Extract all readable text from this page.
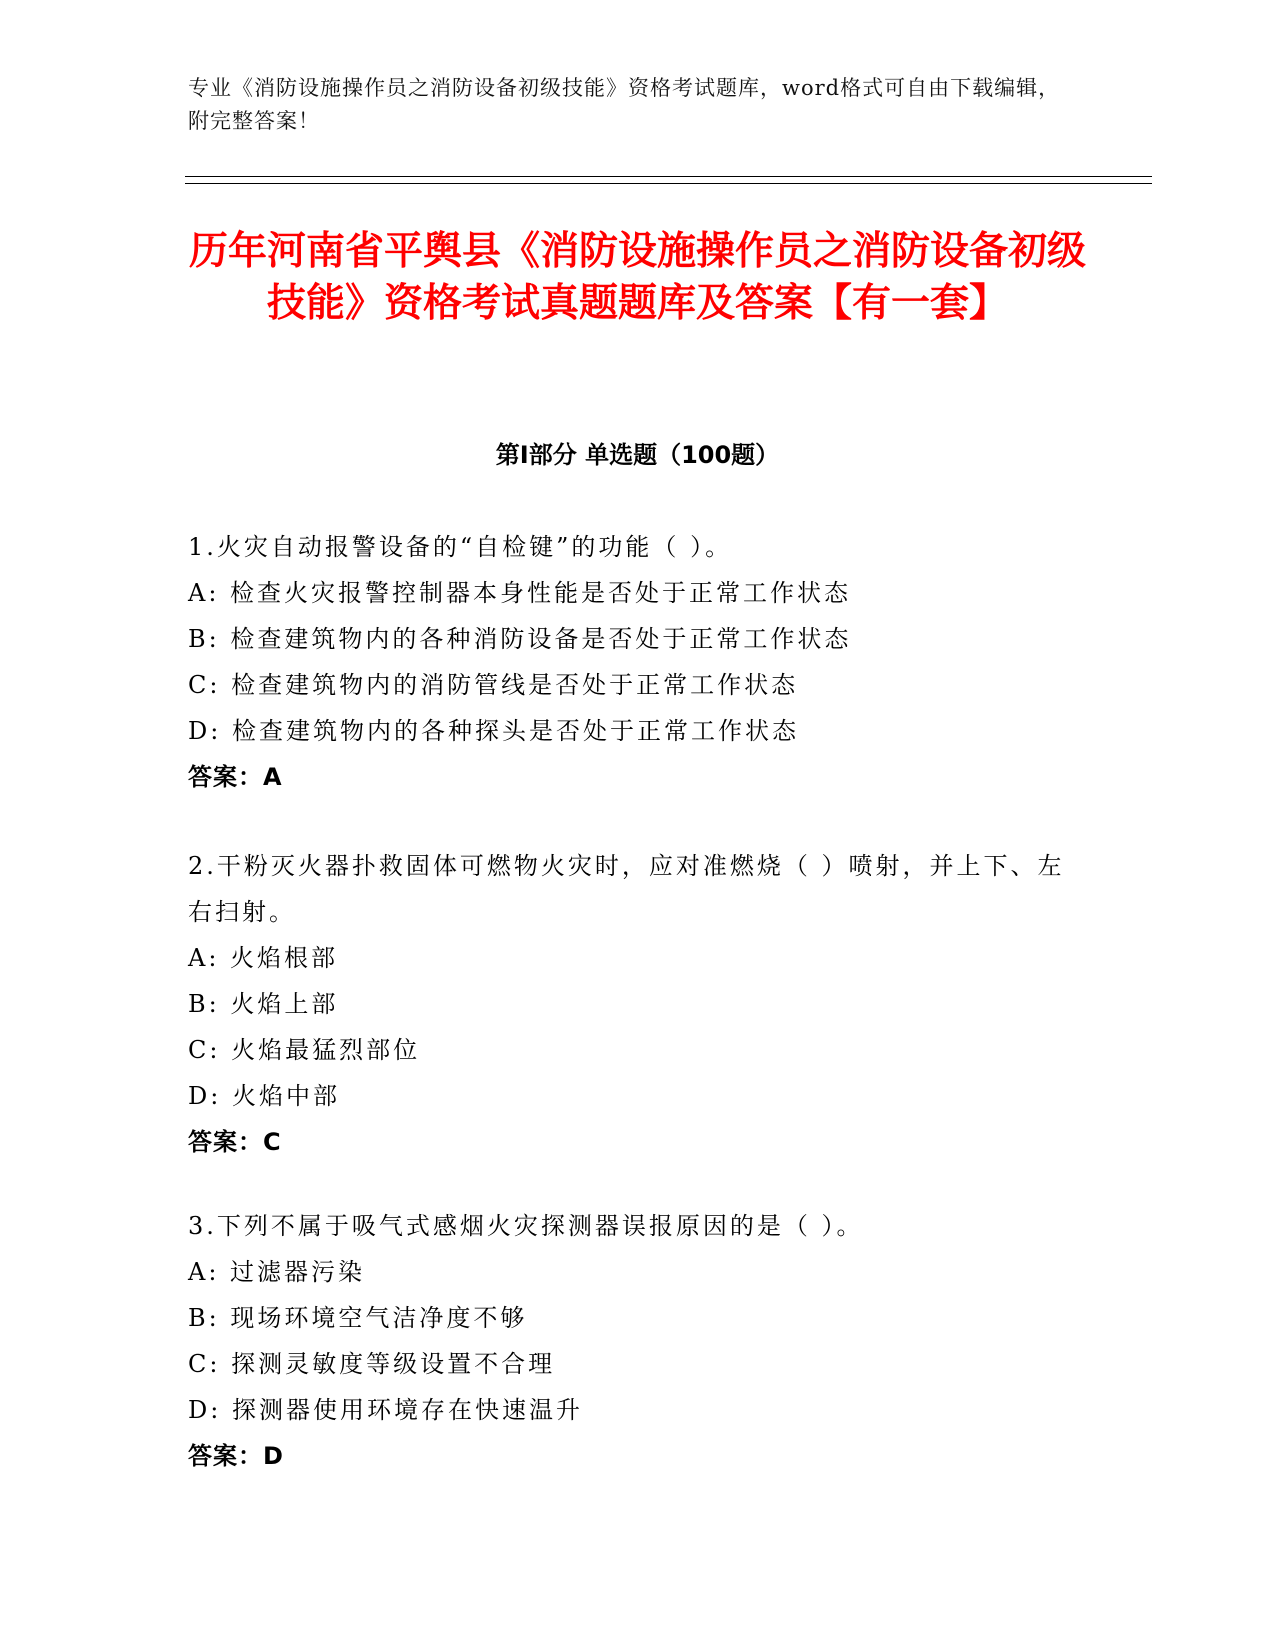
专业《消防设施操作员之消防设备初级技能》资格考试题库，word格式可自由下载编辑，附完整答案！
历年河南省平舆县《消防设施操作员之消防设备初级技能》资格考试真题题库及答案【有一套】
第I部分 单选题（100题）
1.火灾自动报警设备的“自检键”的功能（ ）。
A: 检查火灾报警控制器本身性能是否处于正常工作状态
B: 检查建筑物内的各种消防设备是否处于正常工作状态
C: 检查建筑物内的消防管线是否处于正常工作状态
D: 检查建筑物内的各种探头是否处于正常工作状态
答案：A
2.干粉灭火器扑救固体可燃物火灾时，应对准燃烧（ ）喷射，并上下、左右扫射。
A: 火焰根部
B: 火焰上部
C: 火焰最猛烈部位
D: 火焰中部
答案：C
3.下列不属于吸气式感烟火灾探测器误报原因的是（ ）。
A: 过滤器污染
B: 现场环境空气洁净度不够
C: 探测灵敏度等级设置不合理
D: 探测器使用环境存在快速温升
答案：D
